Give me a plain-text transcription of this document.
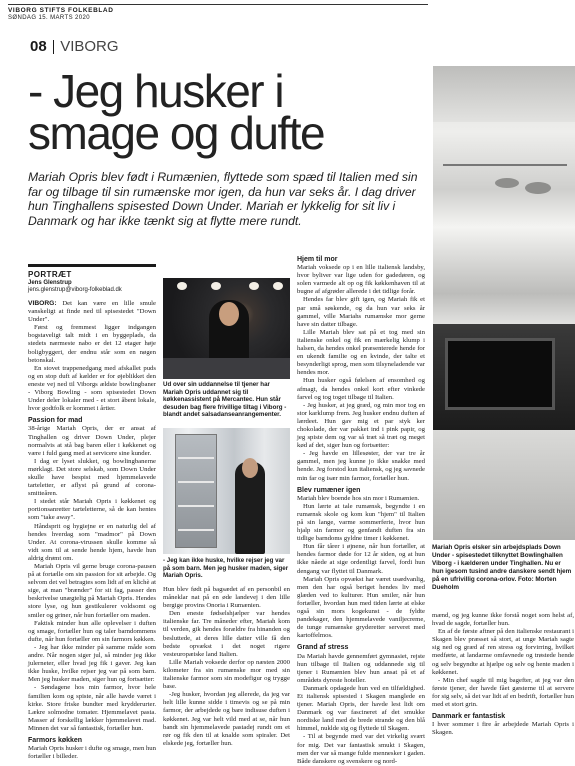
VIBORG STIFTS FOLKEBLAD
SØNDAG 15. MARTS 2020
08 VIBORG
- Jeg husker i smage og dufte

Mariah Opris blev født i Rumænien, flyttede som spæd til Italien med sin far og tilbage til sin rumænske mor igen, da hun var seks år. I dag driver hun Tinghallens spisested Down Under. Mariah er lykkelig for sit liv i Danmark og har ikke tænkt sig at flytte mere rundt.

Mariah Opris elsker sin arbejdsplads Down Under - spisestedet tilknyttet Bowlinghallen Viborg - i kælderen under Tinghallen. Nu er hun igesom tusind andre danskere sendt hjem på en ufrivillig corona-orlov. Foto: Morten Dueholm

PORTRÆT
Jens Glenstrup
jens.glenstrup@viborg-folkeblad.dk

VIBORG: Det kan være en lille smule vanskeligt at finde ned til spisestedet "Down Under".

Først og fremmest ligger indgangen bogstaveligt talt midt i en byggeplads, da stedets nærmeste nabo er det 12 etager høje boligbyggeri, der endnu står som en nøgen betonskal.

En stovet trappenedgang med afskallet puds og en stop duft af kælder er for øjeblikket den eneste vej ned til Viborgs ældste bowlingbaner - Viborg Bowling - som spisestedet Down Under deler lokaler med - et stort åbent lokale, hvor godtfolk er kommet i årtier.

Passion for mad

38-årige Mariah Opris, der er ansat af Tinghallen og driver Down Under, plejer normalvis at stå bag baren eller i køkkenet og være i fuld gang med at servicere sine kunder.

I dag er lyset slukket, og bowlingbanerne mørklagt. Det store selskab, som Down Under skulle have bespist med hjemmelavede tarteletter, er aflyst på grund af corona-smitteåren.

I stedet står Mariah Opris i køkkenet og portionsanretter tarteletterne, så de kan hentes som "take away".

Håndsprit og hygiejne er en naturlig del af hendes hverdag som "madmor" på Down Under. At corona-virussen skulle komme så vidt som til at sende hende hjem, havde hun aldrig drømt om.

Mariah Opris vil gerne bruge corona-pausen på at fortælle om sin passion for sit arbejde. Og selvom det vel betragtes som lidt af en klichè at sige, at man "brænder" for sit fag, passer den beskrivelse unægtelig på Mariah Opris. Hendes store lyse, og hun gestikulerer voldsomt og smiler og griner, når hun fortæller om maden.

Faktisk minder hun alle oplevelser i duften og smage, fortæller hun og taler barndommens dufte, når hun fortæller om sin farmors køkken.

- Jeg har ikke minder på samme måde som andre. Når nogen siger jul, så minder jeg ikke julerneter, eller hvad jeg fik i gaver. Jeg kan ikke huske, hvilke rejser jeg var på som barn. Men jeg husker maden, siger hun og fortsætter:

- Søndagene hos min farmor, hvor hele familien kom og spiste, når alle havde været i kirke. Store friske bundter med krydderurter. Lækre solmodne tomater. Hjemmelavet pasta. Masser af forskellig lækker hjemmelavet mad. Minnen det var så fantastisk, fortæller hun.

Farmors køkken

Mariah Opris husker i dufte og smage, men hun fortæller i billeder.

Ud over sin uddannelse til tjener har Mariah Opris uddannet sig til køkkenassistent på Mercantec. Hun står desuden bag flere frivillige tiltag i Viborg - blandt andet salsadanseanrangementer.

- Jeg kan ikke huske, hvilke rejser jeg var på som barn. Men jeg husker maden, siger Mariah Opris.

Hun blev født på bagsædet af en personbil en måneklar nat på en øde landevej i den lille bergige provins Onoria i Rumænien.

Den eneste fødselshjælper var hendes italienske far. Tre måneder efter, Mariah kom til verden, gik hendes forældre fra hinanden og besluttede, at deres lille datter ville få den bedste opvækst i det noget rigere vesteuropæiske land Italien.

Lille Mariah voksede derfor op næsten 2000 kilometer fra sin rumænske mor med sin italienske farmor som sin modefigur og trygge base.

-Jeg husker, hvordan jeg allerede, da jeg var helt lille kunne sidde i timevis og se på min farmor, der arbejdede og bare indisuse duften i køkkenet. Jeg var helt vild med at se, når hun bandt sin hjemmelavede pastadej rundt om et rør og fik den til at knalde som spiraler. Det elskede jeg, fortæller hun.

Hjem til mor

Mariah voksede op i en lille italiensk landsby, hvor byliver var lige uden for gadedøren, og solen varmede alt op og fik køkkenhaven til at bugne af afgrøder allerede i det tidlige forår.

Hendes far blev gift igen, og Mariah fik et par små søskende, og da hun var seks år gammel, ville Mariahs rumænske mor gerne have sin datter tilbage.

Lille Mariah blev sat på et tog med sin italienske onkel og fik en mærkelig klump i halsen, da hendes onkel præsenterede hende for en ukendt familie og en kvinde, der talte et besynderligt sprog, men som tilsyneladende var hendes mor.

Hun husker også følelsen af ensomhed og afmagt, da hendes onkel kort efter vinkede farvel og tog toget tilbage til Italien.

- Jeg husker, at jeg græd, og min mor tog en stor karklump frem. Jeg husker endnu duften af lærdeet. Hun gav mig et par styk ker chokolade, der var pakket ind i pink papir, og jeg spiste dem og var så træt så træt og meget kød af det, siger hun og fortsætter:

- Jeg havde en lillesøster, der var tre år gammel, men jeg kunne jo ikke snakke med hende. Jeg forstod kun italiensk, og jeg savnede min far og især min farmor, fortæller hun.

Blev rumæner igen

Mariah blev boende hos sin mor i Rumænien.

Hun lærte at tale rumænsk, begyndte i en rumænsk skole og kom kun "hjem" til Italien på sin lange, varme sommerferie, hvor hun hjalp sin farmor og genfandt duften fra sin tidlige barndoms gyldne timer i køkkenet.

Hun får tårer i øjnene, når hun fortæller, at hendes farmor døde for 12 år siden, og at hun ikke nåede at sige ordentligt farvel, fordi hun dengang var flyttet til Danmark.

Mariah Opris opvækst har været usædvanlig, men den har også beriget hendes liv med glæden ved to kulturer. Hun smiler, når hun fortæller, hvordan hun med tiden lærte at elske også sin mors kogekunst - de fyldte pandekager, den hjemmelavede vaniljecreme, de tunge rumænske gryderetter serveret med kartoffelmos.

Grand af stress

Da Mariah havde gennemført gymnasiet, rejste hun tilbage til Italien og uddannede sig til tjener i Rumænien blev hun ansat på et af områdets dyreste hoteller.

Danmark opdagede hun ved en tilfældighed. Et italiensk spisested i Skagen manglede en tjener. Mariah Opris, der havde lest lidt om Danmark og var fascineret af det smukke nordiske land med de brede strande og den blå himmel, nuklde sig og flyttede til Skagen.

- Til at begynde med var det virkelig svært for mig. Det var fantastisk smukt i Skagen, men der var så mange fulde mennesker i gaden. Både danskere og svenskere og nord-

mænd, og jeg kunne ikke forstå noget som helst af, hvad de sagde, fortæller hun.

En af de første aftner på den italienske restaurant i Skagen blev præsset så stort, at unge Mariah sagte sig ned og græd af ren stress og forvirring, hvilket medførte, at landarme omfavnede og trøstede hende og selv begyndte at hjælpe og selv og hente maden i køkkenet.

- Min chef sagde til mig bagefter, at jeg var den første tjener, der havde fået gæsterne til at servere for sig selv, så det var lidt af en bedrift, fortæller hun med et stort grin.

Danmark er fantastisk

I hver sommer i fire år arbejdede Mariah Opris i Skagen.
